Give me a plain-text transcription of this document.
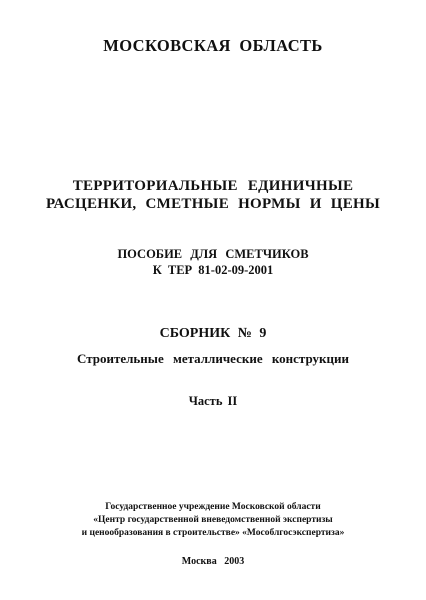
МОСКОВСКАЯ ОБЛАСТЬ

ТЕРРИТОРИАЛЬНЫЕ ЕДИНИЧНЫЕ

РАСЦЕНКИ, СМЕТНЫЕ НОРМЫ И ЦЕНЫ

ПОСОБИЕ ДЛЯ СМЕТЧИКОВ

К ТЕР 81-02-09-2001

СБОРНИК № 9

Строительные металлические конструкции

Часть II

Государственное учреждение Московской области

«Центр государственной вневедомственной экспертизы

и ценообразования в строительстве» «Мособлгосэкспертиза»

Москва 2003
